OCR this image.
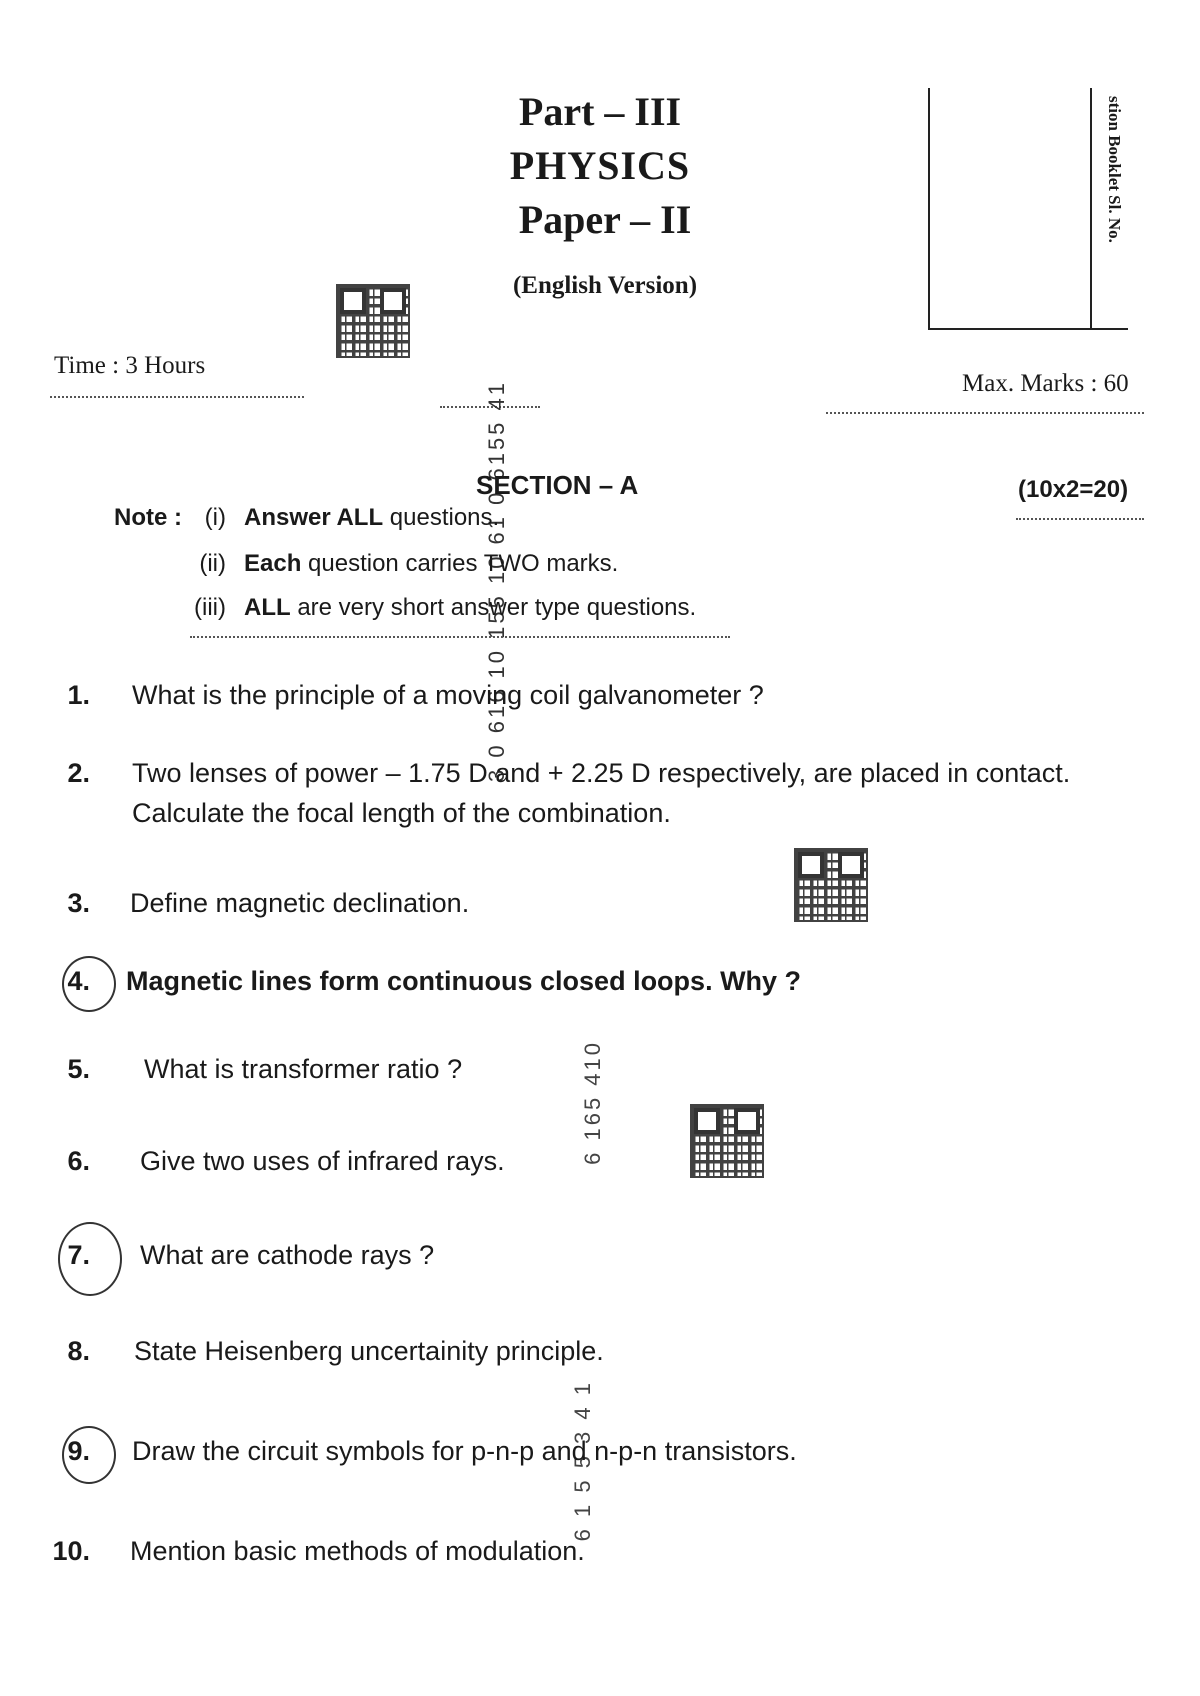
Part – III
PHYSICS
Paper – II
(English Version)
stion Booklet Sl. No.
Time : 3 Hours
Max. Marks : 60
3 0 616 10 155 10 61 0 6155 41
6 165 410
6 1 5 5 3 4 1
SECTION – A	(10x2=20)
Note : (i) Answer ALL questions.
(ii) Each question carries TWO marks.
(iii) ALL are very short answer type questions.
1. What is the principle of a moving coil galvanometer ?
2. Two lenses of power – 1.75 D and + 2.25 D respectively, are placed in contact.
Calculate the focal length of the combination.
3. Define magnetic declination.
4. Magnetic lines form continuous closed loops. Why ?
5. What is transformer ratio ?
6. Give two uses of infrared rays.
7. What are cathode rays ?
8. State Heisenberg uncertainity principle.
9. Draw the circuit symbols for p-n-p and n-p-n transistors.
10. Mention basic methods of modulation.
